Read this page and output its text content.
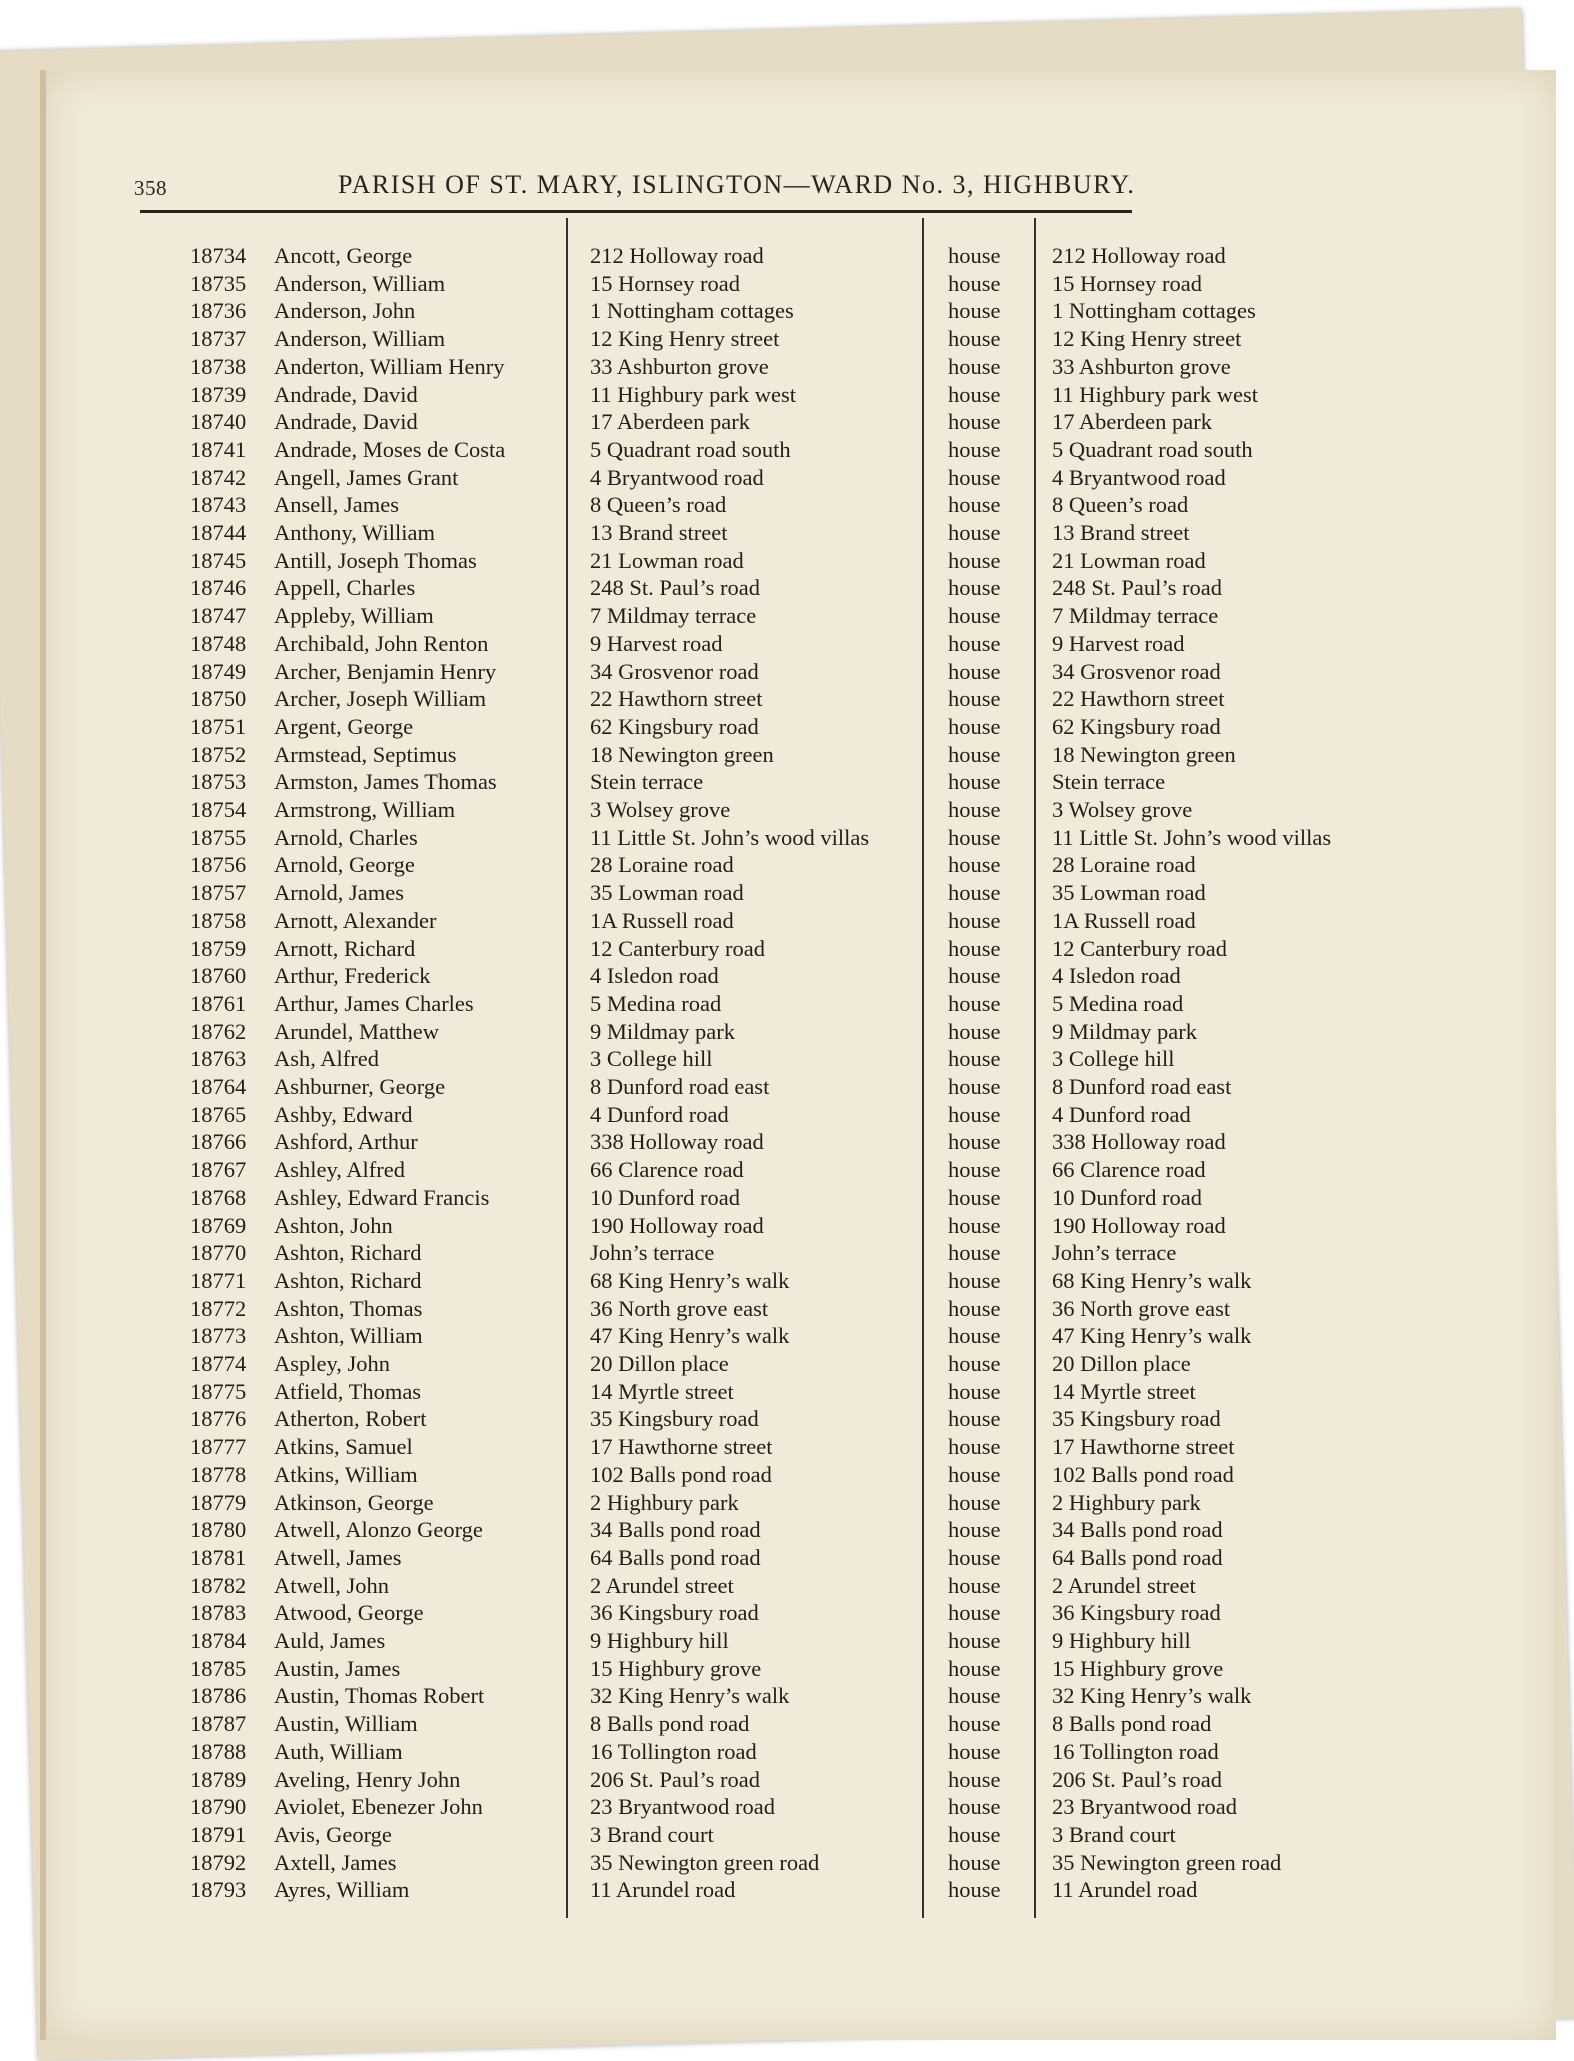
358	PARISH OF ST. MARY, ISLINGTON—WARD No. 3, HIGHBURY.
18734 Ancott, George	212 Holloway road	house 212 Holloway road
18735 Anderson, William	15 Hornsey road	house 15 Hornsey road
18736 Anderson, John	1 Nottingham cottages	house 1 Nottingham cottages
18737 Anderson, William	12 King Henry street	house 12 King Henry street
18738 Anderton, William Henry	33 Ashburton grove	house 33 Ashburton grove
18739 Andrade, David	11 Highbury park west	house 11 Highbury park west
18740 Andrade, David	17 Aberdeen park	house 17 Aberdeen park
18741 Andrade, Moses de Costa	5 Quadrant road south	house 5 Quadrant road south
18742 Angell, James Grant	4 Bryantwood road	house 4 Bryantwood road
18743 Ansell, James	8 Queen’s road	house 8 Queen’s road
18744 Anthony, William	13 Brand street	house 13 Brand street
18745 Antill, Joseph Thomas	21 Lowman road	house 21 Lowman road
18746 Appell, Charles	248 St. Paul’s road	house 248 St. Paul’s road
18747 Appleby, William	7 Mildmay terrace	house 7 Mildmay terrace
18748 Archibald, John Renton	9 Harvest road	house 9 Harvest road
18749 Archer, Benjamin Henry	34 Grosvenor road	house 34 Grosvenor road
18750 Archer, Joseph William	22 Hawthorn street	house 22 Hawthorn street
18751 Argent, George	62 Kingsbury road	house 62 Kingsbury road
18752 Armstead, Septimus	18 Newington green	house 18 Newington green
18753 Armston, James Thomas	Stein terrace	house Stein terrace
18754 Armstrong, William	3 Wolsey grove	house 3 Wolsey grove
18755 Arnold, Charles	11 Little St. John’s wood villas	house 11 Little St. John’s wood villas
18756 Arnold, George	28 Loraine road	house 28 Loraine road
18757 Arnold, James	35 Lowman road	house 35 Lowman road
18758 Arnott, Alexander	1A Russell road	house 1A Russell road
18759 Arnott, Richard	12 Canterbury road	house 12 Canterbury road
18760 Arthur, Frederick	4 Isledon road	house 4 Isledon road
18761 Arthur, James Charles	5 Medina road	house 5 Medina road
18762 Arundel, Matthew	9 Mildmay park	house 9 Mildmay park
18763 Ash, Alfred	3 College hill	house 3 College hill
18764 Ashburner, George	8 Dunford road east	house 8 Dunford road east
18765 Ashby, Edward	4 Dunford road	house 4 Dunford road
18766 Ashford, Arthur	338 Holloway road	house 338 Holloway road
18767 Ashley, Alfred	66 Clarence road	house 66 Clarence road
18768 Ashley, Edward Francis	10 Dunford road	house 10 Dunford road
18769 Ashton, John	190 Holloway road	house 190 Holloway road
18770 Ashton, Richard	John’s terrace	house John’s terrace
18771 Ashton, Richard	68 King Henry’s walk	house 68 King Henry’s walk
18772 Ashton, Thomas	36 North grove east	house 36 North grove east
18773 Ashton, William	47 King Henry’s walk	house 47 King Henry’s walk
18774 Aspley, John	20 Dillon place	house 20 Dillon place
18775 Atfield, Thomas	14 Myrtle street	house 14 Myrtle street
18776 Atherton, Robert	35 Kingsbury road	house 35 Kingsbury road
18777 Atkins, Samuel	17 Hawthorne street	house 17 Hawthorne street
18778 Atkins, William	102 Balls pond road	house 102 Balls pond road
18779 Atkinson, George	2 Highbury park	house 2 Highbury park
18780 Atwell, Alonzo George	34 Balls pond road	house 34 Balls pond road
18781 Atwell, James	64 Balls pond road	house 64 Balls pond road
18782 Atwell, John	2 Arundel street	house 2 Arundel street
18783 Atwood, George	36 Kingsbury road	house 36 Kingsbury road
18784 Auld, James	9 Highbury hill	house 9 Highbury hill
18785 Austin, James	15 Highbury grove	house 15 Highbury grove
18786 Austin, Thomas Robert	32 King Henry’s walk	house 32 King Henry’s walk
18787 Austin, William	8 Balls pond road	house 8 Balls pond road
18788 Auth, William	16 Tollington road	house 16 Tollington road
18789 Aveling, Henry John	206 St. Paul’s road	house 206 St. Paul’s road
18790 Aviolet, Ebenezer John	23 Bryantwood road	house 23 Bryantwood road
18791 Avis, George	3 Brand court	house 3 Brand court
18792 Axtell, James	35 Newington green road	house 35 Newington green road
18793 Ayres, William	11 Arundel road	house 11 Arundel road
